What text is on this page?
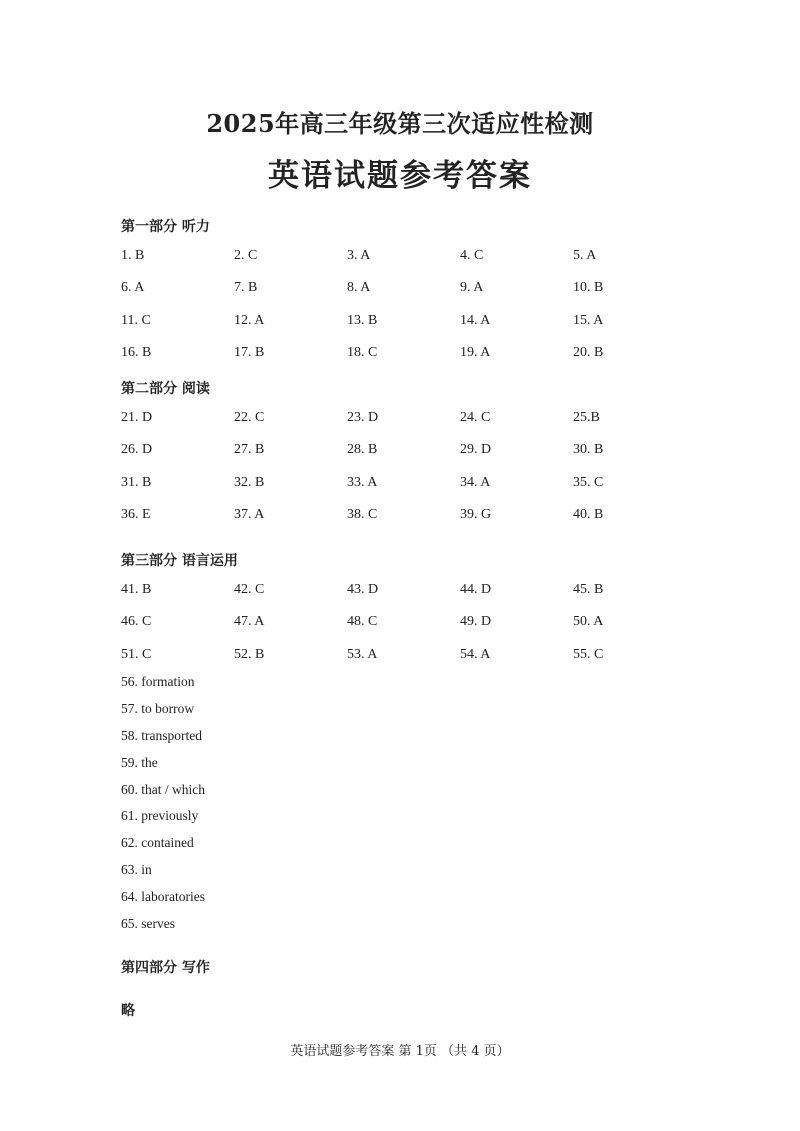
2025年高三年级第三次适应性检测
英语试题参考答案
第一部分 听力
1. B	2. C	3. A	4. C	5. A
6. A	7. B	8. A	9. A	10. B
11. C	12. A	13. B	14. A	15. A
16. B	17. B	18. C	19. A	20. B
第二部分 阅读
21. D	22. C	23. D	24. C	25.B
26. D	27. B	28. B	29. D	30. B
31. B	32. B	33. A	34. A	35. C
36. E	37. A	38. C	39. G	40. B
第三部分 语言运用
41. B	42. C	43. D	44. D	45. B
46. C	47. A	48. C	49. D	50. A
51. C	52. B	53. A	54. A	55. C
56. formation
57. to borrow
58. transported
59. the
60. that / which
61. previously
62. contained
63. in
64. laboratories
65. serves
第四部分 写作
略
英语试题参考答案 第 1页 （共 4 页）
